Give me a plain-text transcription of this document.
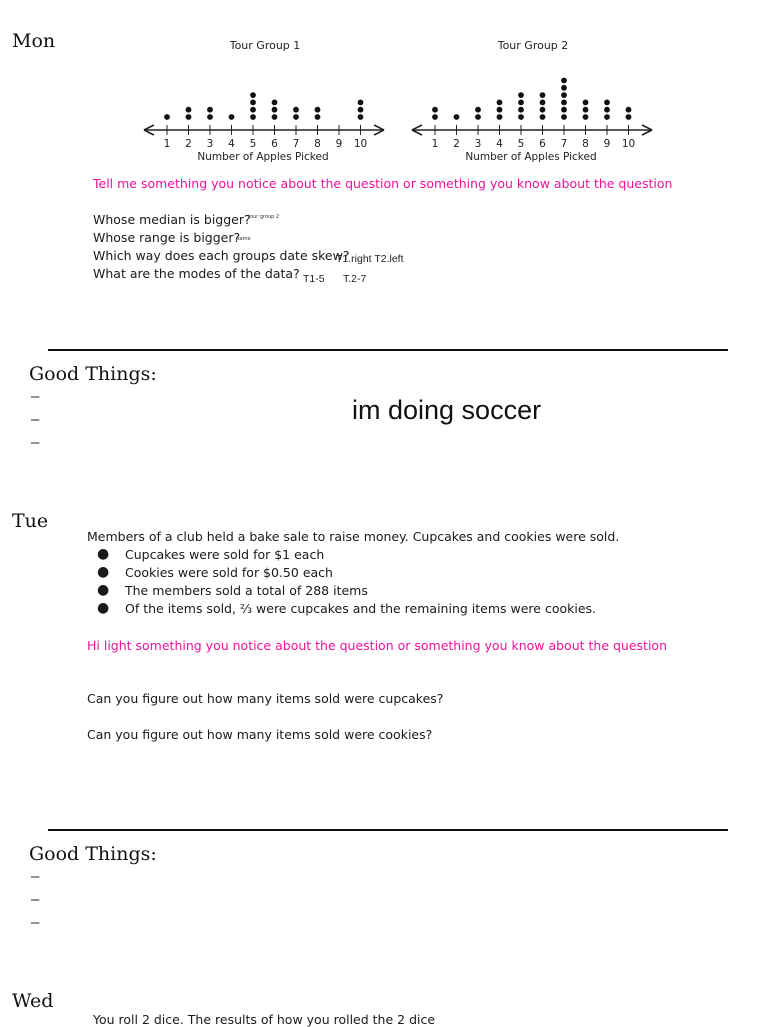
Mon	Tour Group 1
1 2 3 4 5 6 7 8 9 10
Number of Apples Picked
Tour Group 2
1 2 3 4 5 6 7 8 9 10
Number of Apples Picked
Tell me something you notice about the question or something you know about the question
Whose median is bigger?
tour group 2
Whose range is bigger?
same
Which way does each groups date skew?
T1.right T2.left
What are the modes of the data? T1-5 T.2-7
Good Things:
–
–
–
im doing soccer
Tue
Members of a club held a bake sale to raise money. Cupcakes and cookies were sold.
● Cupcakes were sold for $1 each
● Cookies were sold for $0.50 each
● The members sold a total of 288 items
● Of the items sold, ⅔ were cupcakes and the remaining items were cookies.
Hi light something you notice about the question or something you know about the question
Can you figure out how many items sold were cupcakes?
Can you figure out how many items sold were cookies?
Good Things:
–
–
–
Wed
You roll 2 dice. The results of how you rolled the 2 dice
